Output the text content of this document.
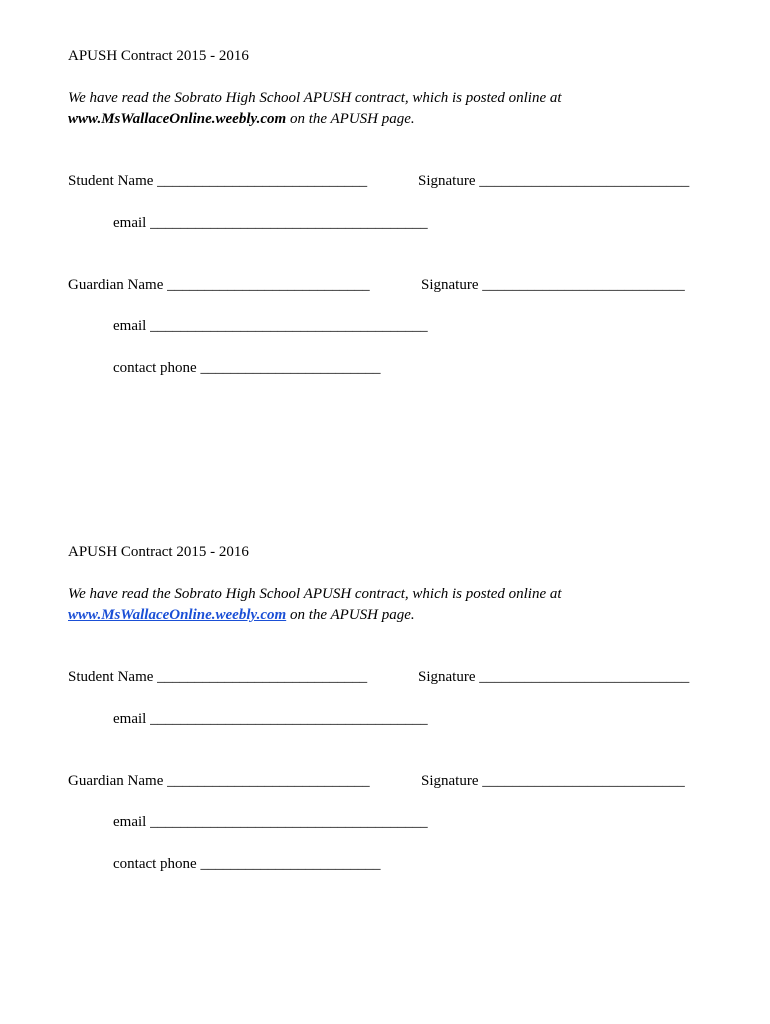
APUSH Contract 2015 - 2016
We have read the Sobrato High School APUSH contract, which is posted online at
www.MsWallaceOnline.weebly.com on the APUSH page.
Student Name ____________________________	Signature ____________________________
email _____________________________________
Guardian Name ___________________________	Signature ___________________________
email _____________________________________
contact phone ________________________
APUSH Contract 2015 - 2016
We have read the Sobrato High School APUSH contract, which is posted online at
www.MsWallaceOnline.weebly.com on the APUSH page.
Student Name ____________________________	Signature ____________________________
email _____________________________________
Guardian Name ___________________________	Signature ___________________________
email _____________________________________
contact phone ________________________
